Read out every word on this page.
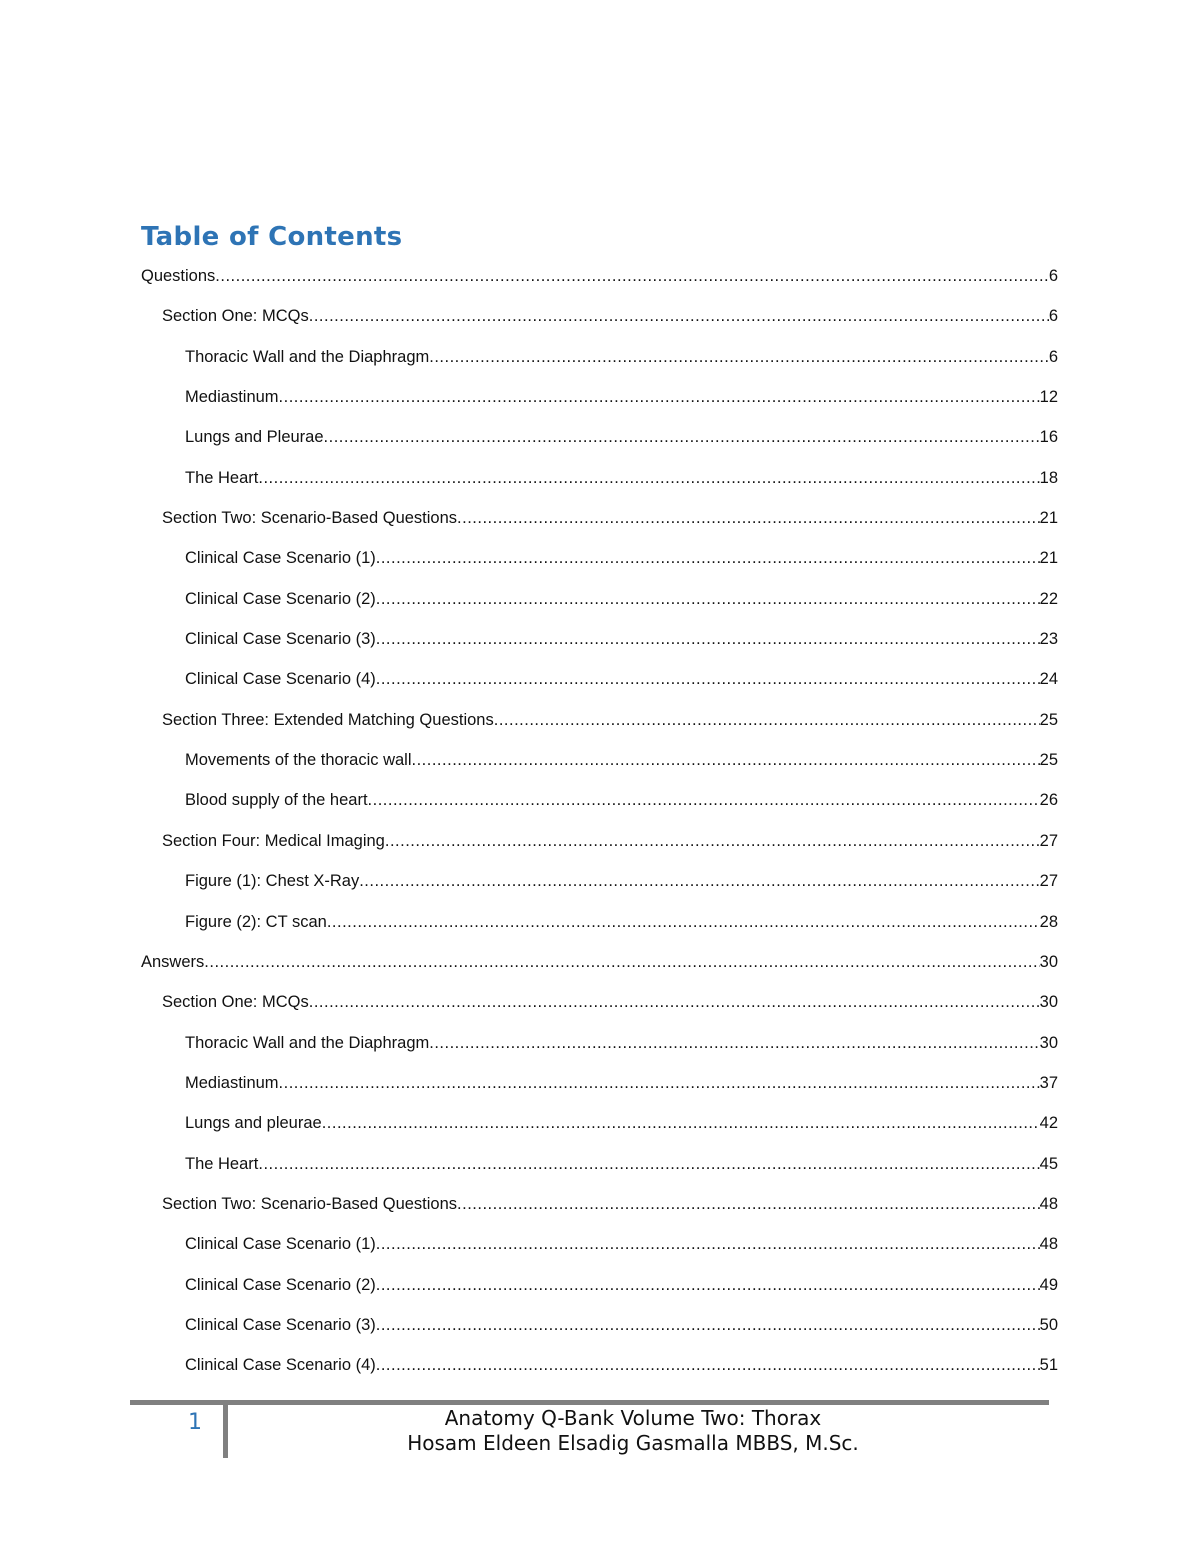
Table of Contents
Questions .....	6
Section One: MCQs .....	6
Thoracic Wall and the Diaphragm .....	6
Mediastinum .....	12
Lungs and Pleurae .....	16
The Heart .....	18
Section Two: Scenario-Based Questions .....	21
Clinical Case Scenario (1) .....	21
Clinical Case Scenario (2) .....	22
Clinical Case Scenario (3) .....	23
Clinical Case Scenario (4) .....	24
Section Three: Extended Matching Questions .....	25
Movements of the thoracic wall .....	25
Blood supply of the heart .....	26
Section Four: Medical Imaging .....	27
Figure (1): Chest X-Ray .....	27
Figure (2): CT scan .....	28
Answers .....	30
Section One: MCQs .....	30
Thoracic Wall and the Diaphragm .....	30
Mediastinum .....	37
Lungs and pleurae .....	42
The Heart .....	45
Section Two: Scenario-Based Questions .....	48
Clinical Case Scenario (1) .....	48
Clinical Case Scenario (2) .....	49
Clinical Case Scenario (3) .....	50
Clinical Case Scenario (4) .....	51
1	Anatomy Q-Bank Volume Two: Thorax
Hosam Eldeen Elsadig Gasmalla MBBS, M.Sc.
